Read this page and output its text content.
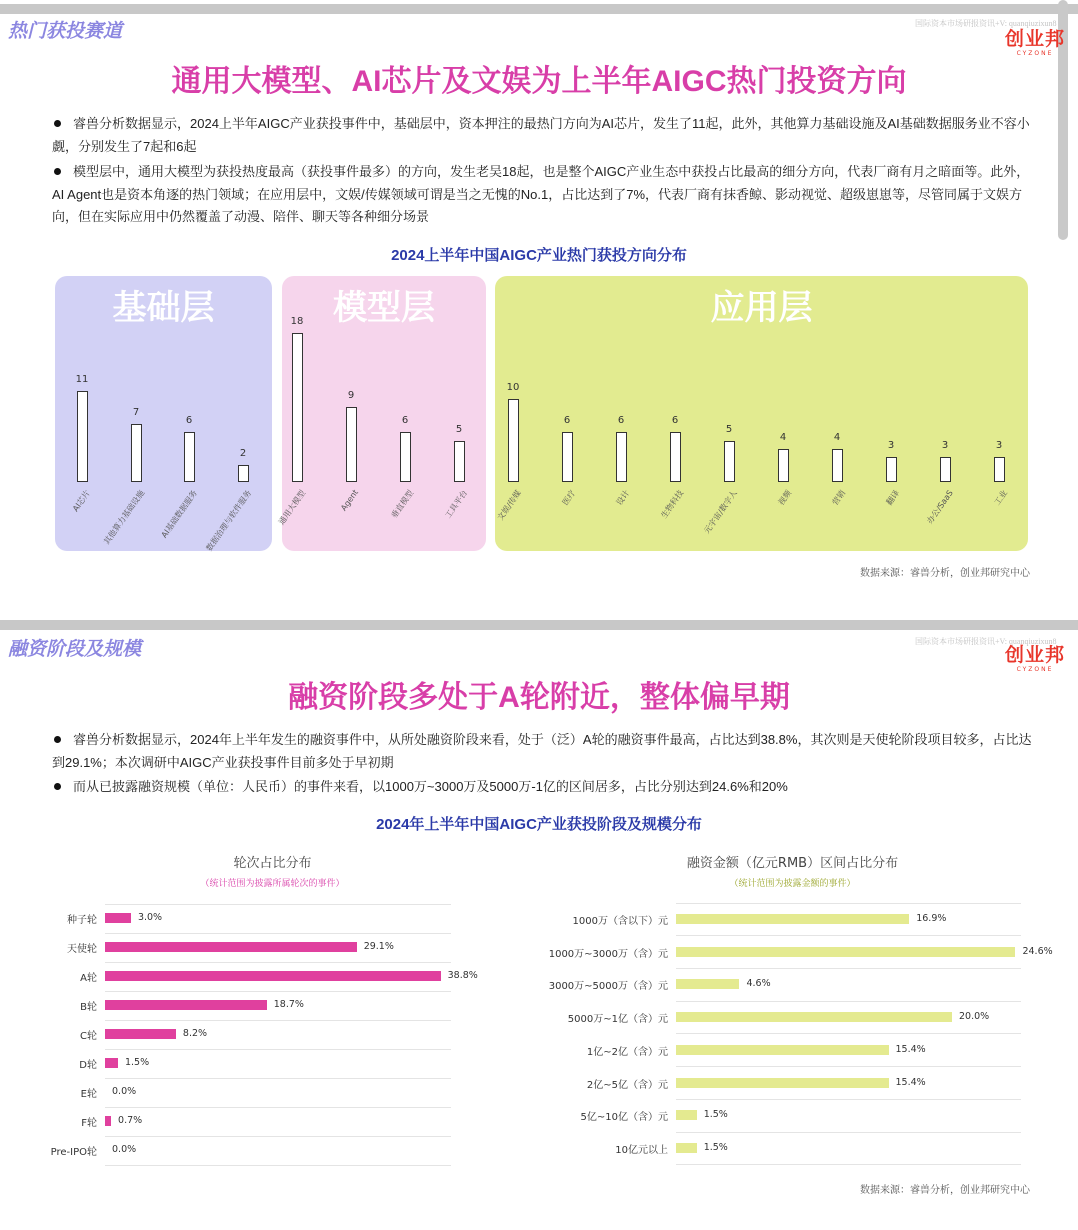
热门获投赛道	国际资本市场研报资讯+V: quanqiuzixun8
创业邦
CYZONE
通用大模型、AI芯片及文娱为上半年AIGC热门投资方向
睿兽分析数据显示，2024上半年AIGC产业获投事件中，基础层中，资本押注的最热门方向为AI芯片，发生了11起，此外，其他算力基础设施及AI基础数据服务业不容小觑，分别发生了7起和6起
模型层中，通用大模型为获投热度最高（获投事件最多）的方向，发生老吴18起，也是整个AIGC产业生态中获投占比最高的细分方向，代表厂商有月之暗面等。此外，AI Agent也是资本角逐的热门领域；在应用层中，文娱/传媒领域可谓是当之无愧的No.1，占比达到了7%，代表厂商有抹香鲸、影动视觉、超级崽崽等，尽管同属于文娱方向，但在实际应用中仍然覆盖了动漫、陪伴、聊天等各种细分场景
2024上半年中国AIGC产业热门获投方向分布
基础层	模型层	应用层
11
AI芯片
7
其他算力基础设施
6
AI基础数据服务
2
数据治理与软件服务
18
通用大模型
9
Agent
6
垂直模型
5
工具平台
10
文娱/传媒
6
医疗
6
设计
6
生物科技
5
元宇宙/数字人
4
视频
4
营销
3
翻译
3
办公/SaaS
3
工业
数据来源：睿兽分析，创业邦研究中心
融资阶段及规模	国际资本市场研报资讯+V: quanqiuzixun8
创业邦
CYZONE
融资阶段多处于A轮附近，整体偏早期
睿兽分析数据显示，2024年上半年发生的融资事件中，从所处融资阶段来看，处于（泛）A轮的融资事件最高，占比达到38.8%，其次则是天使轮阶段项目较多，占比达到29.1%；本次调研中AIGC产业获投事件目前多处于早初期
而从已披露融资规模（单位：人民币）的事件来看，以1000万~3000万及5000万-1亿的区间居多，占比分别达到24.6%和20%
2024年上半年中国AIGC产业获投阶段及规模分布
轮次占比分布
（统计范围为披露所属轮次的事件）
融资金额（亿元RMB）区间占比分布
（统计范围为披露金额的事件）
种子轮	3.0%
天使轮	29.1%
A轮	38.8%
B轮	18.7%
C轮	8.2%
D轮	1.5%
E轮 0.0%
F轮 0.7%
Pre-IPO轮 0.0%
1000万（含以下）元	16.9%
1000万~3000万（含）元	24.6%
3000万~5000万（含）元	4.6%
5000万~1亿（含）元	20.0%
1亿~2亿（含）元	15.4%
2亿~5亿（含）元	15.4%
5亿~10亿（含）元	1.5%
10亿元以上	1.5%
数据来源：睿兽分析，创业邦研究中心
